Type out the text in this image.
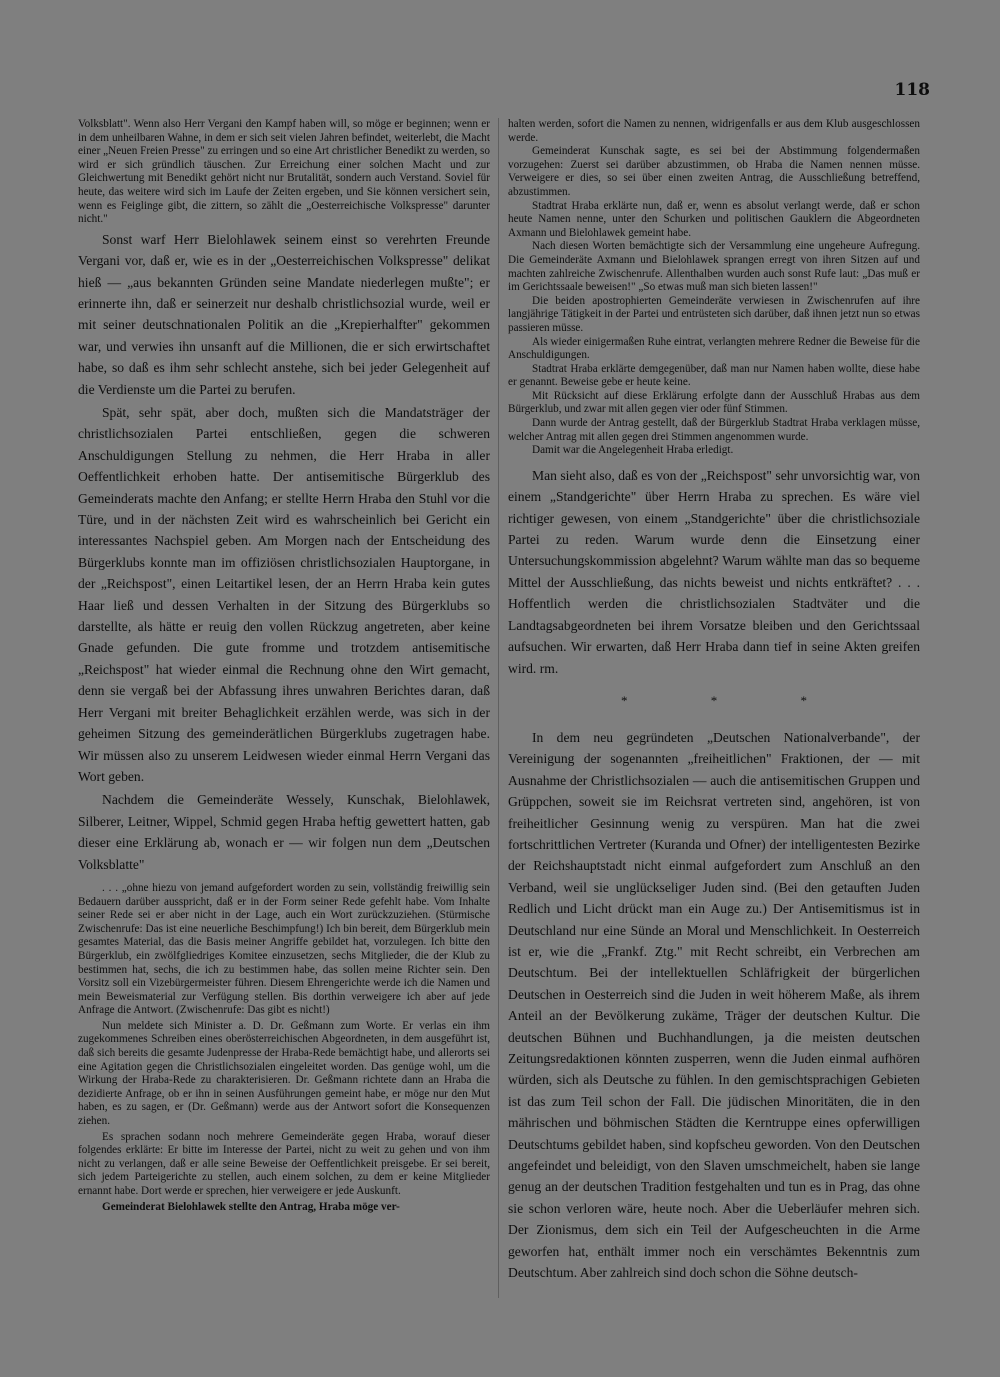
118

Volksblatt". Wenn also Herr Vergani den Kampf haben will, so möge er beginnen; wenn er in dem unheilbaren Wahne, in dem er sich seit vielen Jahren befindet, weiterlebt, die Macht einer „Neuen Freien Presse" zu erringen und so eine Art christlicher Benedikt zu werden, so wird er sich gründlich täuschen. Zur Erreichung einer solchen Macht und zur Gleichwertung mit Benedikt gehört nicht nur Brutalität, sondern auch Verstand. Soviel für heute, das weitere wird sich im Laufe der Zeiten ergeben, und Sie können versichert sein, wenn es Feiglinge gibt, die zittern, so zählt die „Oesterreichische Volkspresse" darunter nicht."

Sonst warf Herr Bielohlawek seinem einst so verehrten Freunde Vergani vor, daß er, wie es in der „Oesterreichischen Volkspresse" delikat hieß — „aus bekannten Gründen seine Mandate niederlegen mußte"; er erinnerte ihn, daß er seinerzeit nur deshalb christlichsozial wurde, weil er mit seiner deutschnationalen Politik an die „Krepierhalfter" gekommen war, und verwies ihn unsanft auf die Millionen, die er sich erwirtschaftet habe, so daß es ihm sehr schlecht anstehe, sich bei jeder Gelegenheit auf die Verdienste um die Partei zu berufen.

Spät, sehr spät, aber doch, mußten sich die Mandatsträger der christlichsozialen Partei entschließen, gegen die schweren Anschuldigungen Stellung zu nehmen, die Herr Hraba in aller Oeffentlichkeit erhoben hatte. Der antisemitische Bürgerklub des Gemeinderats machte den Anfang; er stellte Herrn Hraba den Stuhl vor die Türe, und in der nächsten Zeit wird es wahrscheinlich bei Gericht ein interessantes Nachspiel geben. Am Morgen nach der Entscheidung des Bürgerklubs konnte man im offiziösen christlichsozialen Hauptorgane, in der „Reichspost", einen Leitartikel lesen, der an Herrn Hraba kein gutes Haar ließ und dessen Verhalten in der Sitzung des Bürgerklubs so darstellte, als hätte er reuig den vollen Rückzug angetreten, aber keine Gnade gefunden. Die gute fromme und trotzdem antisemitische „Reichspost" hat wieder einmal die Rechnung ohne den Wirt gemacht, denn sie vergaß bei der Abfassung ihres unwahren Berichtes daran, daß Herr Vergani mit breiter Behaglichkeit erzählen werde, was sich in der geheimen Sitzung des gemeinderätlichen Bürgerklubs zugetragen habe. Wir müssen also zu unserem Leidwesen wieder einmal Herrn Vergani das Wort geben.

Nachdem die Gemeinderäte Wessely, Kunschak, Bielohlawek, Silberer, Leitner, Wippel, Schmid gegen Hraba heftig gewettert hatten, gab dieser eine Erklärung ab, wonach er — wir folgen nun dem „Deutschen Volksblatte"

. . . „ohne hiezu von jemand aufgefordert worden zu sein, vollständig freiwillig sein Bedauern darüber ausspricht, daß er in der Form seiner Rede gefehlt habe. Vom Inhalte seiner Rede sei er aber nicht in der Lage, auch ein Wort zurückzuziehen. (Stürmische Zwischenrufe: Das ist eine neuerliche Beschimpfung!) Ich bin bereit, dem Bürgerklub mein gesamtes Material, das die Basis meiner Angriffe gebildet hat, vorzulegen. Ich bitte den Bürgerklub, ein zwölfgliedriges Komitee einzusetzen, sechs Mitglieder, die der Klub zu bestimmen hat, sechs, die ich zu bestimmen habe, das sollen meine Richter sein. Den Vorsitz soll ein Vizebürgermeister führen. Diesem Ehrengerichte werde ich die Namen und mein Beweismaterial zur Verfügung stellen. Bis dorthin verweigere ich aber auf jede Anfrage die Antwort. (Zwischenrufe: Das gibt es nicht!)

Nun meldete sich Minister a. D. Dr. Geßmann zum Worte. Er verlas ein ihm zugekommenes Schreiben eines oberösterreichischen Abgeordneten, in dem ausgeführt ist, daß sich bereits die gesamte Judenpresse der Hraba-Rede bemächtigt habe, und allerorts sei eine Agitation gegen die Christlichsozialen eingeleitet worden. Das genüge wohl, um die Wirkung der Hraba-Rede zu charakterisieren. Dr. Geßmann richtete dann an Hraba die dezidierte Anfrage, ob er ihn in seinen Ausführungen gemeint habe, er möge nur den Mut haben, es zu sagen, er (Dr. Geßmann) werde aus der Antwort sofort die Konsequenzen ziehen.

Es sprachen sodann noch mehrere Gemeinderäte gegen Hraba, worauf dieser folgendes erklärte: Er bitte im Interesse der Partei, nicht zu weit zu gehen und von ihm nicht zu verlangen, daß er alle seine Beweise der Oeffentlichkeit preisgebe. Er sei bereit, sich jedem Parteigerichte zu stellen, auch einem solchen, zu dem er keine Mitglieder ernannt habe. Dort werde er sprechen, hier verweigere er jede Auskunft.

Gemeinderat Bielohlawek stellte den Antrag, Hraba möge ver-

halten werden, sofort die Namen zu nennen, widrigenfalls er aus dem Klub ausgeschlossen werde.

Gemeinderat Kunschak sagte, es sei bei der Abstimmung folgendermaßen vorzugehen: Zuerst sei darüber abzustimmen, ob Hraba die Namen nennen müsse. Verweigere er dies, so sei über einen zweiten Antrag, die Ausschließung betreffend, abzustimmen.

Stadtrat Hraba erklärte nun, daß er, wenn es absolut verlangt werde, daß er schon heute Namen nenne, unter den Schurken und politischen Gauklern die Abgeordneten Axmann und Bielohlawek gemeint habe.

Nach diesen Worten bemächtigte sich der Versammlung eine ungeheure Aufregung. Die Gemeinderäte Axmann und Bielohlawek sprangen erregt von ihren Sitzen auf und machten zahlreiche Zwischenrufe. Allenthalben wurden auch sonst Rufe laut: „Das muß er im Gerichtssaale beweisen!" „So etwas muß man sich bieten lassen!"

Die beiden apostrophierten Gemeinderäte verwiesen in Zwischenrufen auf ihre langjährige Tätigkeit in der Partei und entrüsteten sich darüber, daß ihnen jetzt nun so etwas passieren müsse.

Als wieder einigermaßen Ruhe eintrat, verlangten mehrere Redner die Beweise für die Anschuldigungen.

Stadtrat Hraba erklärte demgegenüber, daß man nur Namen haben wollte, diese habe er genannt. Beweise gebe er heute keine.

Mit Rücksicht auf diese Erklärung erfolgte dann der Ausschluß Hrabas aus dem Bürgerklub, und zwar mit allen gegen vier oder fünf Stimmen.

Dann wurde der Antrag gestellt, daß der Bürgerklub Stadtrat Hraba verklagen müsse, welcher Antrag mit allen gegen drei Stimmen angenommen wurde.

Damit war die Angelegenheit Hraba erledigt.

Man sieht also, daß es von der „Reichspost" sehr unvorsichtig war, von einem „Standgerichte" über Herrn Hraba zu sprechen. Es wäre viel richtiger gewesen, von einem „Standgerichte" über die christlichsoziale Partei zu reden. Warum wurde denn die Einsetzung einer Untersuchungskommission abgelehnt? Warum wählte man das so bequeme Mittel der Ausschließung, das nichts beweist und nichts entkräftet? . . . Hoffentlich werden die christlichsozialen Stadtväter und die Landtagsabgeordneten bei ihrem Vorsatze bleiben und den Gerichtssaal aufsuchen. Wir erwarten, daß Herr Hraba dann tief in seine Akten greifen wird. rm.

* * *

In dem neu gegründeten „Deutschen Nationalverbande", der Vereinigung der sogenannten „freiheitlichen" Fraktionen, der — mit Ausnahme der Christlichsozialen — auch die antisemitischen Gruppen und Grüppchen, soweit sie im Reichsrat vertreten sind, angehören, ist von freiheitlicher Gesinnung wenig zu verspüren. Man hat die zwei fortschrittlichen Vertreter (Kuranda und Ofner) der intelligentesten Bezirke der Reichshauptstadt nicht einmal aufgefordert zum Anschluß an den Verband, weil sie unglückseliger Juden sind. (Bei den getauften Juden Redlich und Licht drückt man ein Auge zu.) Der Antisemitismus ist in Deutschland nur eine Sünde an Moral und Menschlichkeit. In Oesterreich ist er, wie die „Frankf. Ztg." mit Recht schreibt, ein Verbrechen am Deutschtum. Bei der intellektuellen Schläfrigkeit der bürgerlichen Deutschen in Oesterreich sind die Juden in weit höherem Maße, als ihrem Anteil an der Bevölkerung zukäme, Träger der deutschen Kultur. Die deutschen Bühnen und Buchhandlungen, ja die meisten deutschen Zeitungsredaktionen könnten zusperren, wenn die Juden einmal aufhören würden, sich als Deutsche zu fühlen. In den gemischtsprachigen Gebieten ist das zum Teil schon der Fall. Die jüdischen Minoritäten, die in den mährischen und böhmischen Städten die Kerntruppe eines opferwilligen Deutschtums gebildet haben, sind kopfscheu geworden. Von den Deutschen angefeindet und beleidigt, von den Slaven umschmeichelt, haben sie lange genug an der deutschen Tradition festgehalten und tun es in Prag, das ohne sie schon verloren wäre, heute noch. Aber die Ueberläufer mehren sich. Der Zionismus, dem sich ein Teil der Aufgescheuchten in die Arme geworfen hat, enthält immer noch ein verschämtes Bekenntnis zum Deutschtum. Aber zahlreich sind doch schon die Söhne deutsch-
